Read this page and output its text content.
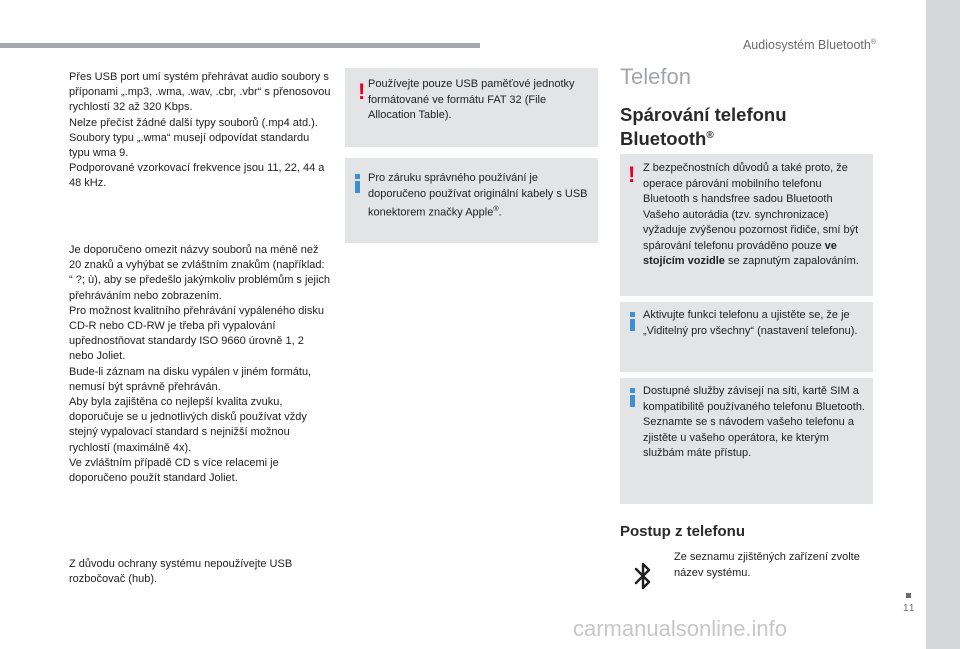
Audiosystém Bluetooth®
Přes USB port umí systém přehrávat audio soubory s příponami „.mp3, .wma, .wav, .cbr, .vbr“ s přenosovou rychlostí 32 až 320 Kbps.
Nelze přečíst žádné další typy souborů (.mp4 atd.).
Soubory typu „.wma“ musejí odpovídat standardu typu wma 9.
Podporované vzorkovací frekvence jsou 11, 22, 44 a 48 kHz.
Je doporučeno omezit názvy souborů na méně než 20 znaků a vyhýbat se zvláštním znakům (například: “ ?; ù), aby se předešlo jakýmkoliv problémům s jejich přehráváním nebo zobrazením.
Pro možnost kvalitního přehrávání vypáleného disku CD-R nebo CD-RW je třeba při vypalování upřednostňovat standardy ISO 9660 úrovně 1, 2 nebo Joliet.
Bude-li záznam na disku vypálen v jiném formátu, nemusí být správně přehráván.
Aby byla zajištěna co nejlepší kvalita zvuku, doporučuje se u jednotlivých disků používat vždy stejný vypalovací standard s nejnižší možnou rychlostí (maximálně 4x).
Ve zvláštním případě CD s více relacemi je doporučeno použít standard Joliet.
Z důvodu ochrany systému nepoužívejte USB rozbočovač (hub).
! Používejte pouze USB paměťové jednotky formátované ve formátu FAT 32 (File Allocation Table).
Pro záruku správného používání je doporučeno používat originální kabely s USB konektorem značky Apple®.
Telefon
Spárování telefonu Bluetooth®
! Z bezpečnostních důvodů a také proto, že operace párování mobilního telefonu Bluetooth s handsfree sadou Bluetooth Vašeho autorádia (tzv. synchronizace) vyžaduje zvýšenou pozornost řidiče, smí být spárování telefonu prováděno pouze ve stojícím vozidle se zapnutým zapalováním.
Aktivujte funkci telefonu a ujistěte se, že je „Viditelný pro všechny“ (nastavení telefonu).
Dostupné služby závisejí na síti, kartě SIM a kompatibilitě používaného telefonu Bluetooth.
Seznamte se s návodem vašeho telefonu a zjistěte u vašeho operátora, ke kterým službám máte přístup.
Postup z telefonu
Ze seznamu zjištěných zařízení zvolte název systému.
11
carmanualsonline.info
